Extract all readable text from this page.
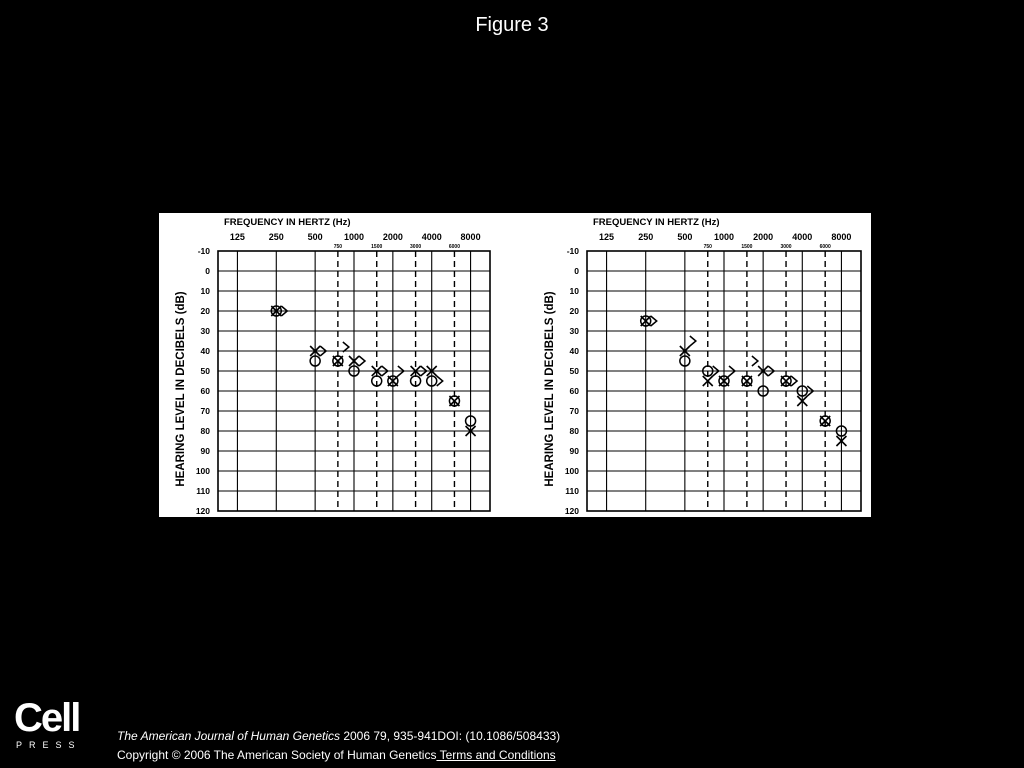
Figure 3
FREQUENCY IN HERTZ (Hz)
125	250	500 1000 2000 4000 8000
750	1500	3000	6000
-10
0
10
20
30
40
50
60
70
80
90
100
110
120
HEARING LEVEL IN DECIBELS (dB)
FREQUENCY IN HERTZ (Hz)
125	250	500 1000 2000 4000 8000
750	1500	3000	6000
-10
0
10
20
30
40
50
60
70
80
90
100
110
120
HEARING LEVEL IN DECIBELS (dB)
Cell
PRESS
The American Journal of Human Genetics 2006 79, 935-941DOI: (10.1086/508433)
Copyright © 2006 The American Society of Human Genetics Terms and Conditions
